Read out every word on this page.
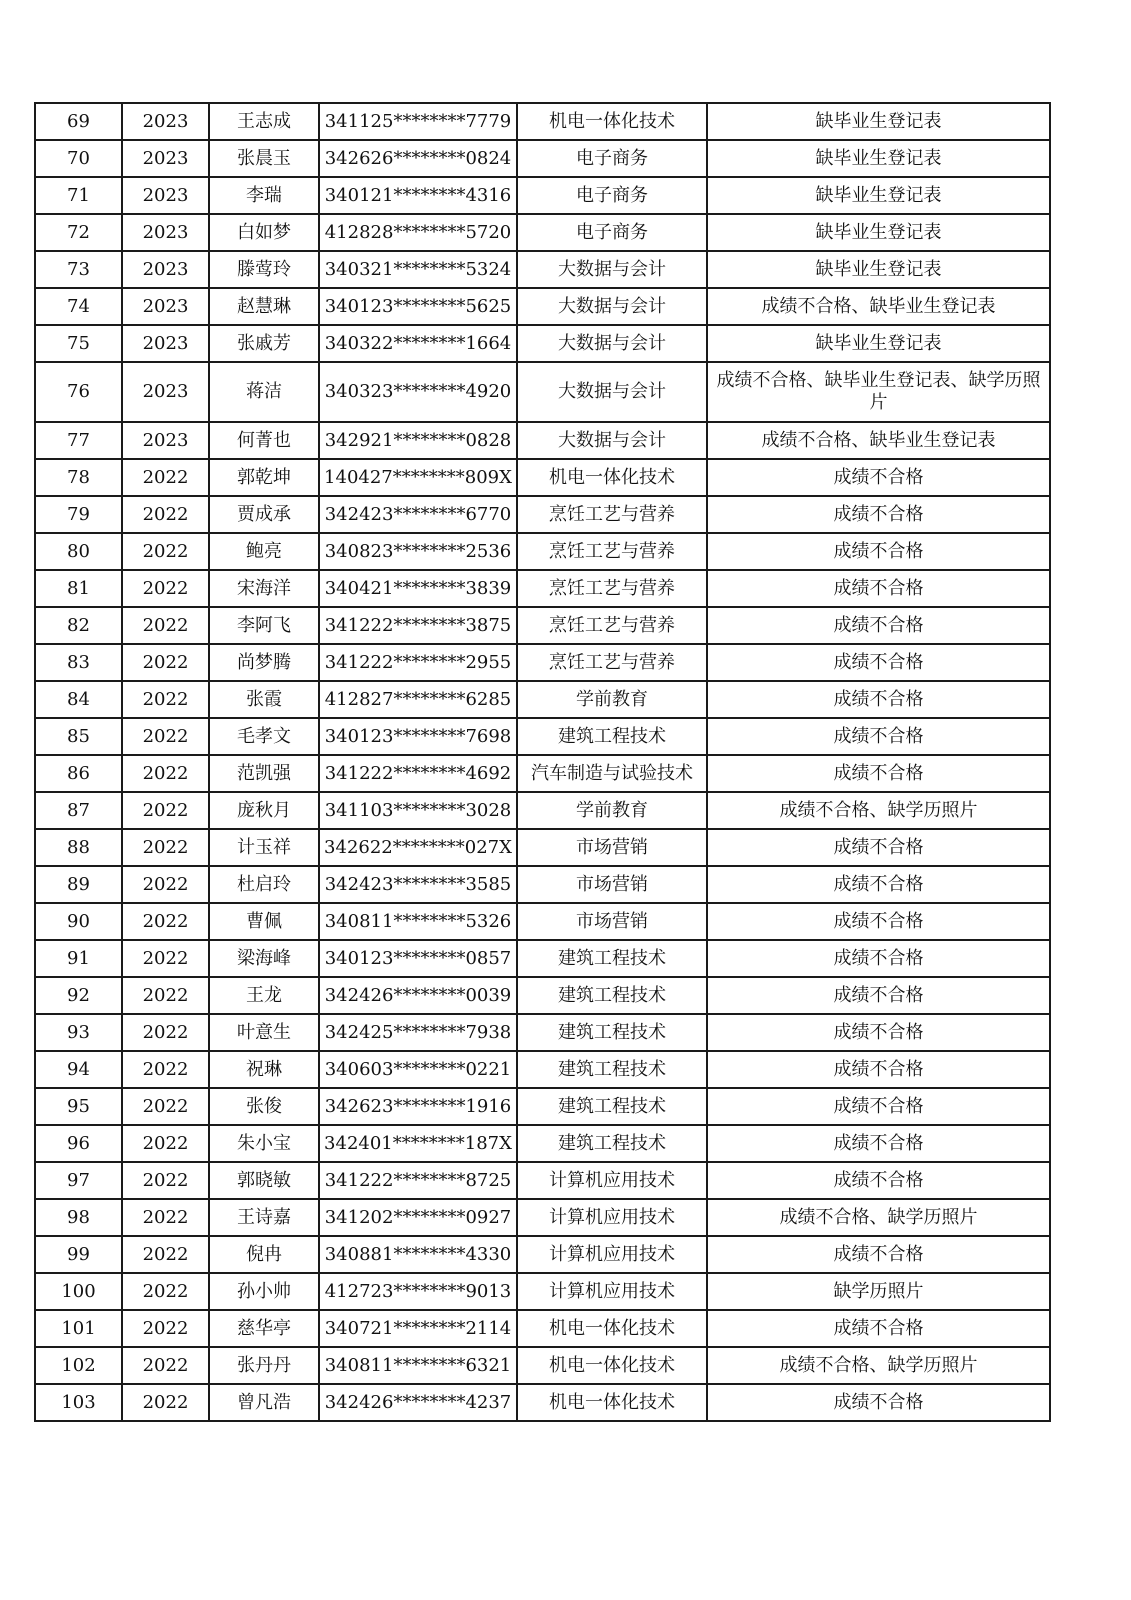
69	2023	王志成	341125********7779	机电一体化技术	缺毕业生登记表
70	2023	张晨玉	342626********0824	电子商务	缺毕业生登记表
71	2023	李瑞	340121********4316	电子商务	缺毕业生登记表
72	2023	白如梦	412828********5720	电子商务	缺毕业生登记表
73	2023	滕莺玲	340321********5324	大数据与会计	缺毕业生登记表
74	2023	赵慧琳	340123********5625	大数据与会计	成绩不合格、缺毕业生登记表
75	2023	张戚芳	340322********1664	大数据与会计	缺毕业生登记表
76	2023	蒋洁	340323********4920	大数据与会计	成绩不合格、缺毕业生登记表、缺学历照片
77	2023	何菁也	342921********0828	大数据与会计	成绩不合格、缺毕业生登记表
78	2022	郭乾坤	140427********809X	机电一体化技术	成绩不合格
79	2022	贾成承	342423********6770	烹饪工艺与营养	成绩不合格
80	2022	鲍亮	340823********2536	烹饪工艺与营养	成绩不合格
81	2022	宋海洋	340421********3839	烹饪工艺与营养	成绩不合格
82	2022	李阿飞	341222********3875	烹饪工艺与营养	成绩不合格
83	2022	尚梦腾	341222********2955	烹饪工艺与营养	成绩不合格
84	2022	张霞	412827********6285	学前教育	成绩不合格
85	2022	毛孝文	340123********7698	建筑工程技术	成绩不合格
86	2022	范凯强	341222********4692	汽车制造与试验技术	成绩不合格
87	2022	庞秋月	341103********3028	学前教育	成绩不合格、缺学历照片
88	2022	计玉祥	342622********027X	市场营销	成绩不合格
89	2022	杜启玲	342423********3585	市场营销	成绩不合格
90	2022	曹佩	340811********5326	市场营销	成绩不合格
91	2022	梁海峰	340123********0857	建筑工程技术	成绩不合格
92	2022	王龙	342426********0039	建筑工程技术	成绩不合格
93	2022	叶意生	342425********7938	建筑工程技术	成绩不合格
94	2022	祝琳	340603********0221	建筑工程技术	成绩不合格
95	2022	张俊	342623********1916	建筑工程技术	成绩不合格
96	2022	朱小宝	342401********187X	建筑工程技术	成绩不合格
97	2022	郭晓敏	341222********8725	计算机应用技术	成绩不合格
98	2022	王诗嘉	341202********0927	计算机应用技术	成绩不合格、缺学历照片
99	2022	倪冉	340881********4330	计算机应用技术	成绩不合格
100	2022	孙小帅	412723********9013	计算机应用技术	缺学历照片
101	2022	慈华亭	340721********2114	机电一体化技术	成绩不合格
102	2022	张丹丹	340811********6321	机电一体化技术	成绩不合格、缺学历照片
103	2022	曾凡浩	342426********4237	机电一体化技术	成绩不合格
